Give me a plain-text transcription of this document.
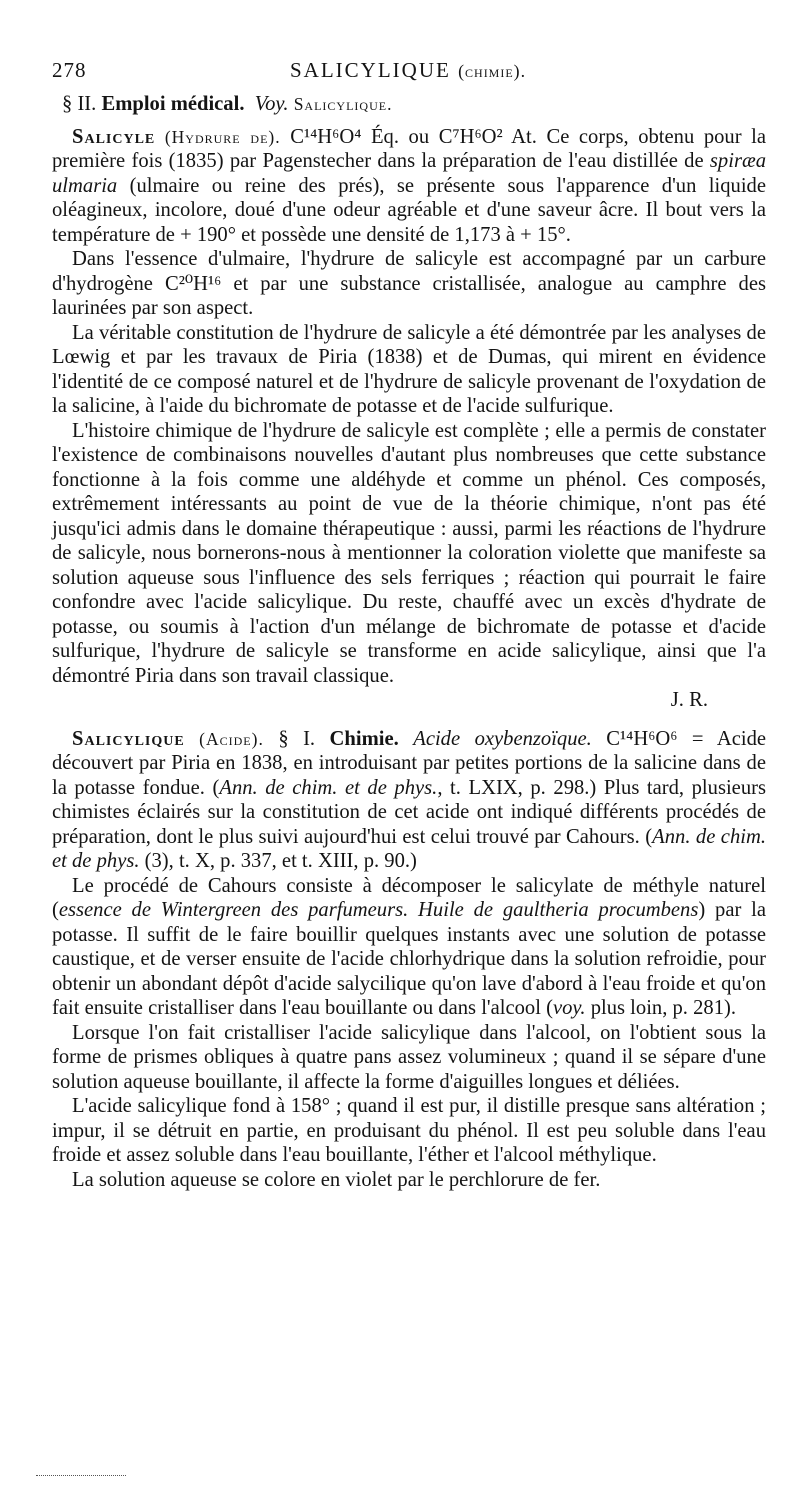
278	SALICYLIQUE (chimie).

§ II. Emploi médical. Voy. Salicylique.

Salicyle (Hydrure de). C¹⁴H⁶O⁴ Éq. ou C⁷H⁶O² At. Ce corps, obtenu pour la première fois (1835) par Pagenstecher dans la préparation de l'eau distillée de spiræa ulmaria (ulmaire ou reine des prés), se présente sous l'apparence d'un liquide oléagineux, incolore, doué d'une odeur agréable et d'une saveur âcre. Il bout vers la température de + 190° et possède une densité de 1,173 à + 15°.

Dans l'essence d'ulmaire, l'hydrure de salicyle est accompagné par un carbure d'hydrogène C²⁰H¹⁶ et par une substance cristallisée, analogue au camphre des laurinées par son aspect.

La véritable constitution de l'hydrure de salicyle a été démontrée par les analyses de Lœwig et par les travaux de Piria (1838) et de Dumas, qui mirent en évidence l'identité de ce composé naturel et de l'hydrure de salicyle provenant de l'oxydation de la salicine, à l'aide du bichromate de potasse et de l'acide sulfurique.

L'histoire chimique de l'hydrure de salicyle est complète ; elle a permis de constater l'existence de combinaisons nouvelles d'autant plus nombreuses que cette substance fonctionne à la fois comme une aldéhyde et comme un phénol. Ces composés, extrêmement intéressants au point de vue de la théorie chimique, n'ont pas été jusqu'ici admis dans le domaine thérapeutique : aussi, parmi les réactions de l'hydrure de salicyle, nous bornerons-nous à mentionner la coloration violette que manifeste sa solution aqueuse sous l'influence des sels ferriques ; réaction qui pourrait le faire confondre avec l'acide salicylique. Du reste, chauffé avec un excès d'hydrate de potasse, ou soumis à l'action d'un mélange de bichromate de potasse et d'acide sulfurique, l'hydrure de salicyle se transforme en acide salicylique, ainsi que l'a démontré Piria dans son travail classique.

J. R.

Salicylique (Acide). § I. Chimie. Acide oxybenzoïque. C¹⁴H⁶O⁶ = Acide découvert par Piria en 1838, en introduisant par petites portions de la salicine dans de la potasse fondue. (Ann. de chim. et de phys., t. LXIX, p. 298.) Plus tard, plusieurs chimistes éclairés sur la constitution de cet acide ont indiqué différents procédés de préparation, dont le plus suivi aujourd'hui est celui trouvé par Cahours. (Ann. de chim. et de phys. (3), t. X, p. 337, et t. XIII, p. 90.)

Le procédé de Cahours consiste à décomposer le salicylate de méthyle naturel (essence de Wintergreen des parfumeurs. Huile de gaultheria procumbens) par la potasse. Il suffit de le faire bouillir quelques instants avec une solution de potasse caustique, et de verser ensuite de l'acide chlorhydrique dans la solution refroidie, pour obtenir un abondant dépôt d'acide salycilique qu'on lave d'abord à l'eau froide et qu'on fait ensuite cristalliser dans l'eau bouillante ou dans l'alcool (voy. plus loin, p. 281).

Lorsque l'on fait cristalliser l'acide salicylique dans l'alcool, on l'obtient sous la forme de prismes obliques à quatre pans assez volumineux ; quand il se sépare d'une solution aqueuse bouillante, il affecte la forme d'aiguilles longues et déliées.

L'acide salicylique fond à 158° ; quand il est pur, il distille presque sans altération ; impur, il se détruit en partie, en produisant du phénol. Il est peu soluble dans l'eau froide et assez soluble dans l'eau bouillante, l'éther et l'alcool méthylique.

La solution aqueuse se colore en violet par le perchlorure de fer.
